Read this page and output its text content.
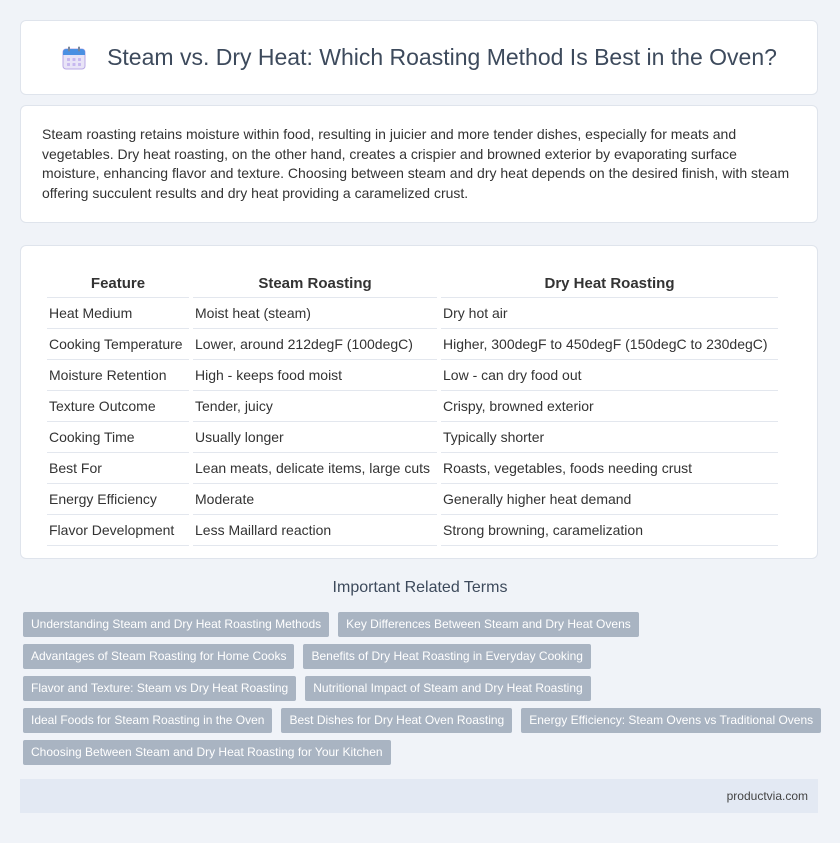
Steam vs. Dry Heat: Which Roasting Method Is Best in the Oven?

Steam roasting retains moisture within food, resulting in juicier and more tender dishes, especially for meats and vegetables. Dry heat roasting, on the other hand, creates a crispier and browned exterior by evaporating surface moisture, enhancing flavor and texture. Choosing between steam and dry heat depends on the desired finish, with steam offering succulent results and dry heat providing a caramelized crust.

Feature	Steam Roasting	Dry Heat Roasting
Heat Medium	Moist heat (steam)	Dry hot air
Cooking Temperature	Lower, around 212degF (100degC)	Higher, 300degF to 450degF (150degC to 230degC)
Moisture Retention	High - keeps food moist	Low - can dry food out
Texture Outcome	Tender, juicy	Crispy, browned exterior
Cooking Time	Usually longer	Typically shorter
Best For	Lean meats, delicate items, large cuts	Roasts, vegetables, foods needing crust
Energy Efficiency	Moderate	Generally higher heat demand
Flavor Development	Less Maillard reaction	Strong browning, caramelization
Important Related Terms
Understanding Steam and Dry Heat Roasting Methods	Key Differences Between Steam and Dry Heat Ovens
Advantages of Steam Roasting for Home Cooks	Benefits of Dry Heat Roasting in Everyday Cooking
Flavor and Texture: Steam vs Dry Heat Roasting	Nutritional Impact of Steam and Dry Heat Roasting
Ideal Foods for Steam Roasting in the Oven	Best Dishes for Dry Heat Oven Roasting	Energy Efficiency: Steam Ovens vs Traditional Ovens
Choosing Between Steam and Dry Heat Roasting for Your Kitchen
productvia.com
